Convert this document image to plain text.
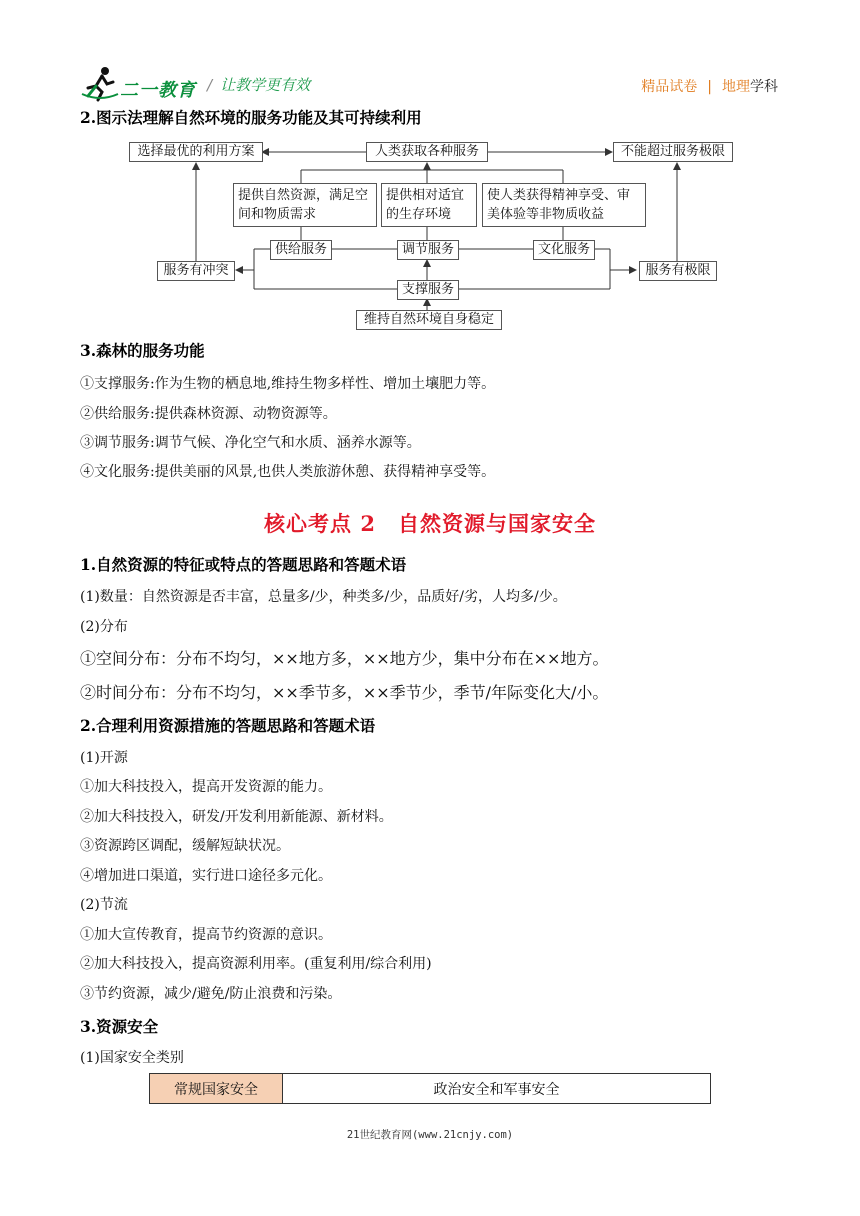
二一教育 / 让教学更有效	精品试卷 | 地理学科
2.图示法理解自然环境的服务功能及其可持续利用
选择最优的利用方案	人类获取各种服务	不能超过服务极限
提供自然资源，满足空间和物质需求
提供相对适宜的生存环境
使人类获得精神享受、审美体验等非物质收益
供给服务	调节服务	文化服务
服务有冲突	服务有极限
支撑服务
维持自然环境自身稳定
3.森林的服务功能
①支撑服务:作为生物的栖息地,维持生物多样性、增加土壤肥力等。
②供给服务:提供森林资源、动物资源等。
③调节服务:调节气候、净化空气和水质、涵养水源等。
④文化服务:提供美丽的风景,也供人类旅游休憩、获得精神享受等。
核心考点 2　自然资源与国家安全
1.自然资源的特征或特点的答题思路和答题术语
(1)数量：自然资源是否丰富，总量多/少，种类多/少，品质好/劣，人均多/少。
(2)分布
①空间分布：分布不均匀，××地方多，××地方少，集中分布在××地方。
②时间分布：分布不均匀，××季节多，××季节少，季节/年际变化大/小。
2.合理利用资源措施的答题思路和答题术语
(1)开源
①加大科技投入，提高开发资源的能力。
②加大科技投入，研发/开发利用新能源、新材料。
③资源跨区调配，缓解短缺状况。
④增加进口渠道，实行进口途径多元化。
(2)节流
①加大宣传教育，提高节约资源的意识。
②加大科技投入，提高资源利用率。(重复利用/综合利用)
③节约资源，减少/避免/防止浪费和污染。
3.资源安全
(1)国家安全类别
常规国家安全	政治安全和军事安全
21世纪教育网(www.21cnjy.com)
